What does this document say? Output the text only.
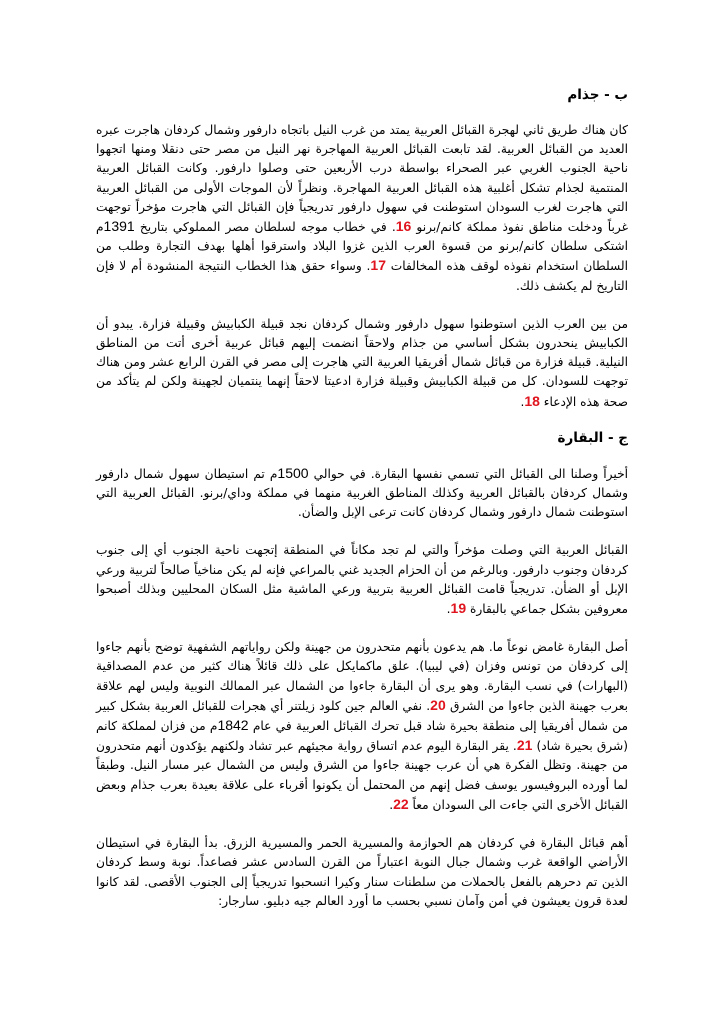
ب - جذام

كان هناك طريق ثاني لهجرة القبائل العربية يمتد من غرب النيل باتجاه دارفور وشمال كردفان هاجرت عبره العديد من القبائل العربية. لقد تابعت القبائل العربية المهاجرة نهر النيل من مصر حتى دنقلا ومنها اتجهوا ناحية الجنوب الغربي عبر الصحراء بواسطة درب الأربعين حتى وصلوا دارفور. وكانت القبائل العربية المنتمية لجذام تشكل أغلبية هذه القبائل العربية المهاجرة. ونظراً لأن الموجات الأولى من القبائل العربية التي هاجرت لغرب السودان استوطنت في سهول دارفور تدريجياً فإن القبائل التي هاجرت مؤخراً توجهت غرباً ودخلت مناطق نفوذ مملكة كانم/برنو 16. في خطاب موجه لسلطان مصر المملوكي بتاريخ 1391م اشتكى سلطان كانم/برنو من قسوة العرب الذين غزوا البلاد واسترقوا أهلها بهدف التجارة وطلب من السلطان استخدام نفوذه لوقف هذه المخالفات 17. وسواء حقق هذا الخطاب النتيجة المنشودة أم لا فإن التاريخ لم يكشف ذلك.

من بين العرب الذين استوطنوا سهول دارفور وشمال كردفان نجد قبيلة الكبابيش وقبيلة فزارة. يبدو أن الكبابيش ينحدرون بشكل أساسي من جذام ولاحقاً انضمت إليهم قبائل عربية أخرى أتت من المناطق النيلية. قبيلة فزارة من قبائل شمال أفريقيا العربية التي هاجرت إلى مصر في القرن الرابع عشر ومن هناك توجهت للسودان. كل من قبيلة الكبابيش وقبيلة فزارة ادعيتا لاحقاً إنهما ينتميان لجهينة ولكن لم يتأكد من صحة هذه الإدعاء 18.

ج - البقارة

أخيراً وصلنا الى القبائل التي تسمي نفسها البقارة. في حوالي 1500م تم استيطان سهول شمال دارفور وشمال كردفان بالقبائل العربية وكذلك المناطق الغربية منهما في مملكة وداي/برنو. القبائل العربية التي استوطنت شمال دارفور وشمال كردفان كانت ترعى الإبل والضأن.

القبائل العربية التي وصلت مؤخراً والتي لم تجد مكاناً في المنطقة إتجهت ناحية الجنوب أي إلى جنوب كردفان وجنوب دارفور. وبالرغم من أن الحزام الجديد غني بالمراعي فإنه لم يكن مناخياً صالحاً لتربية ورعي الإبل أو الضأن. تدريجياً قامت القبائل العربية بتربية ورعي الماشية مثل السكان المحليين وبذلك أصبحوا معروفين بشكل جماعي بالبقارة 19.

أصل البقارة غامض نوعاً ما. هم يدعون بأنهم متحدرون من جهينة ولكن رواياتهم الشفهية توضح بأنهم جاءوا إلى كردفان من تونس وفزان (في ليبيا). علق ماكمايكل على ذلك قائلاً هناك كثير من عدم المصداقية (البهارات) في نسب البقارة. وهو يرى أن البقارة جاءوا من الشمال عبر الممالك النوبية وليس لهم علاقة بعرب جهينة الذين جاءوا من الشرق 20. نفي العالم جين كلود زيلتنر أي هجرات للقبائل العربية بشكل كبير من شمال أفريقيا إلى منطقة بحيرة شاد قبل تحرك القبائل العربية في عام 1842م من فزان لمملكة كانم (شرق بحيرة شاد) 21. يقر البقارة اليوم عدم اتساق رواية مجيئهم عبر تشاد ولكنهم يؤكدون أنهم متحدرون من جهينة. وتظل الفكرة هي أن عرب جهينة جاءوا من الشرق وليس من الشمال عبر مسار النيل. وطبقاً لما أورده البروفيسور يوسف فضل إنهم من المحتمل أن يكونوا أقرباء على علاقة بعيدة بعرب جذام وبعض القبائل الأخرى التي جاءت الى السودان معاً 22.

أهم قبائل البقارة في كردفان هم الحوازمة والمسيرية الحمر والمسيرية الزرق. بدأ البقارة في استيطان الأراضي الواقعة غرب وشمال جبال النوبة اعتباراً من القرن السادس عشر فصاعداً. نوبة وسط كردفان الذين تم دحرهم بالفعل بالحملات من سلطنات سنار وكيرا انسحبوا تدريجياً إلى الجنوب الأقصى. لقد كانوا لعدة قرون يعيشون في أمن وآمان نسبي بحسب ما أورد العالم جيه دبليو. سارجار:
